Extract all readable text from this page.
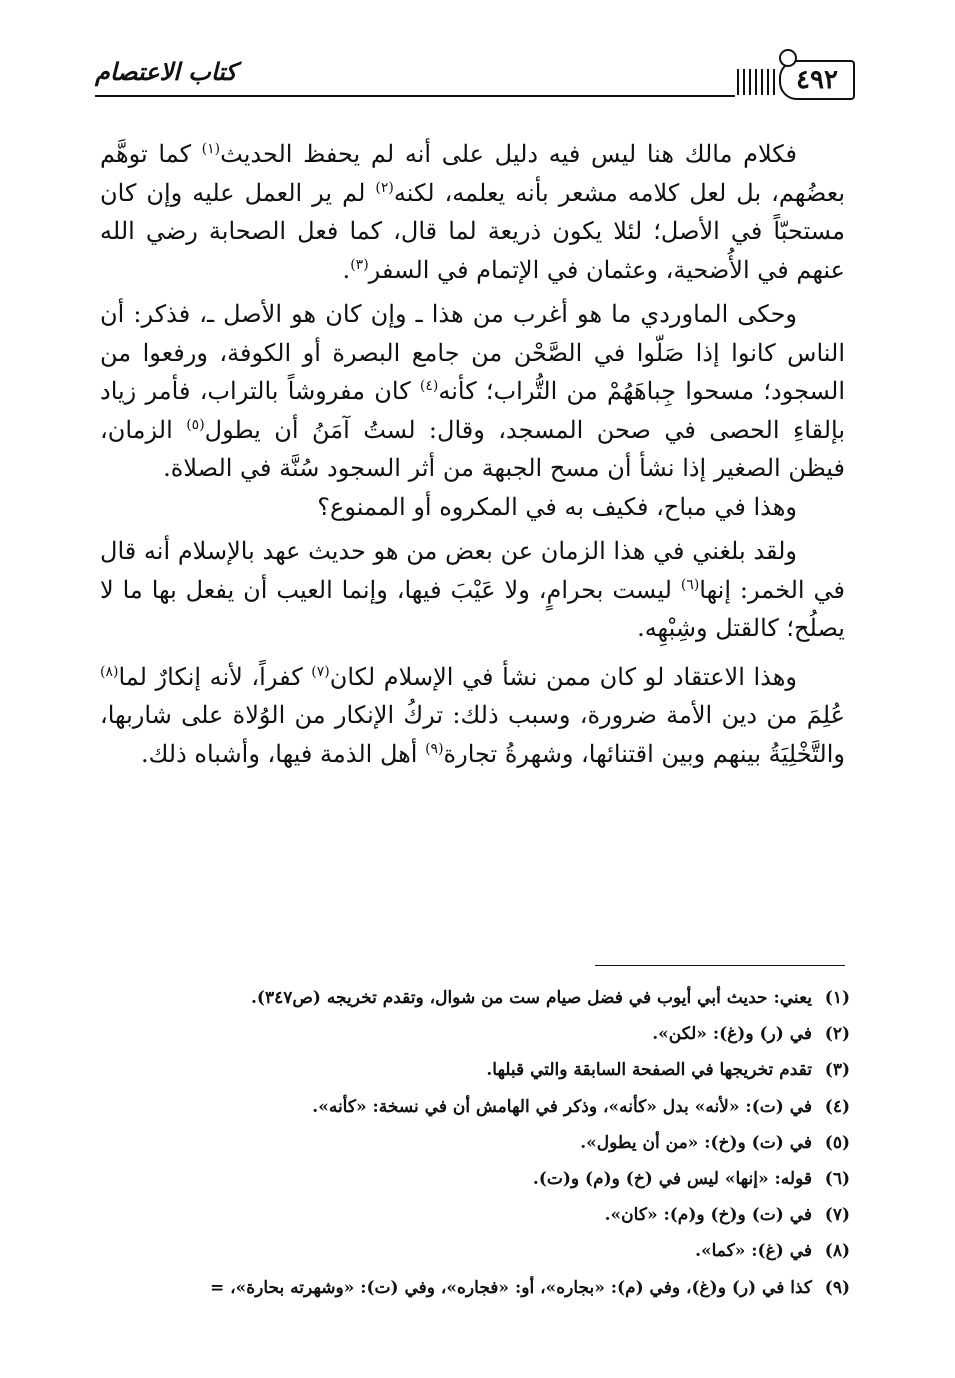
٤٩٢
كتاب الاعتصام

فكلام مالك هنا ليس فيه دليل على أنه لم يحفظ الحديث$^{(١)}$ كما توهَّم بعضُهم، بل لعل كلامه مشعر بأنه يعلمه، لكنه$^{(٢)}$ لم ير العمل عليه وإن كان مستحبّاً في الأصل؛ لئلا يكون ذريعة لما قال، كما فعل الصحابة رضي الله عنهم في الأُضحية، وعثمان في الإتمام في السفر$^{(٣)}$.

وحكى الماوردي ما هو أغرب من هذا ـ وإن كان هو الأصل ـ، فذكر: أن الناس كانوا إذا صَلّوا في الصَّحْن من جامع البصرة أو الكوفة، ورفعوا من السجود؛ مسحوا جِباهَهُمْ من التُّراب؛ كأنه$^{(٤)}$ كان مفروشاً بالتراب، فأمر زياد بإلقاءِ الحصى في صحن المسجد، وقال: لستُ آمَنُ أن يطول$^{(٥)}$ الزمان، فيظن الصغير إذا نشأ أن مسح الجبهة من أثر السجود سُنَّة في الصلاة.

وهذا في مباح، فكيف به في المكروه أو الممنوع؟

ولقد بلغني في هذا الزمان عن بعض من هو حديث عهد بالإسلام أنه قال في الخمر: إنها$^{(٦)}$ ليست بحرامٍ، ولا عَيْبَ فيها، وإنما العيب أن يفعل بها ما لا يصلُح؛ كالقتل وشِبْهِه.

وهذا الاعتقاد لو كان ممن نشأ في الإسلام لكان$^{(٧)}$ كفراً، لأنه إنكارٌ لما$^{(٨)}$ عُلِمَ من دين الأمة ضرورة، وسبب ذلك: تركُ الإنكار من الوُلاة على شاربها، والتَّخْلِيَةُ بينهم وبين اقتنائها، وشهرةُ تجارة$^{(٩)}$ أهل الذمة فيها، وأشباه ذلك.

(١)
يعني: حديث أبي أيوب في فضل صيام ست من شوال، وتقدم تخريجه (ص٣٤٧).
(٢)
في (ر) و(غ): «لكن».
(٣)
تقدم تخريجها في الصفحة السابقة والتي قبلها.
(٤)
في (ت): «لأنه» بدل «كأنه»، وذكر في الهامش أن في نسخة: «كأنه».
(٥)
في (ت) و(خ): «من أن يطول».
(٦)
قوله: «إنها» ليس في (خ) و(م) و(ت).
(٧)
في (ت) و(خ) و(م): «كان».
(٨)
في (غ): «كما».
(٩)
كذا في (ر) و(غ)، وفي (م): «بجاره»، أو: «فجاره»، وفي (ت): «وشهرته بحارة»، =
